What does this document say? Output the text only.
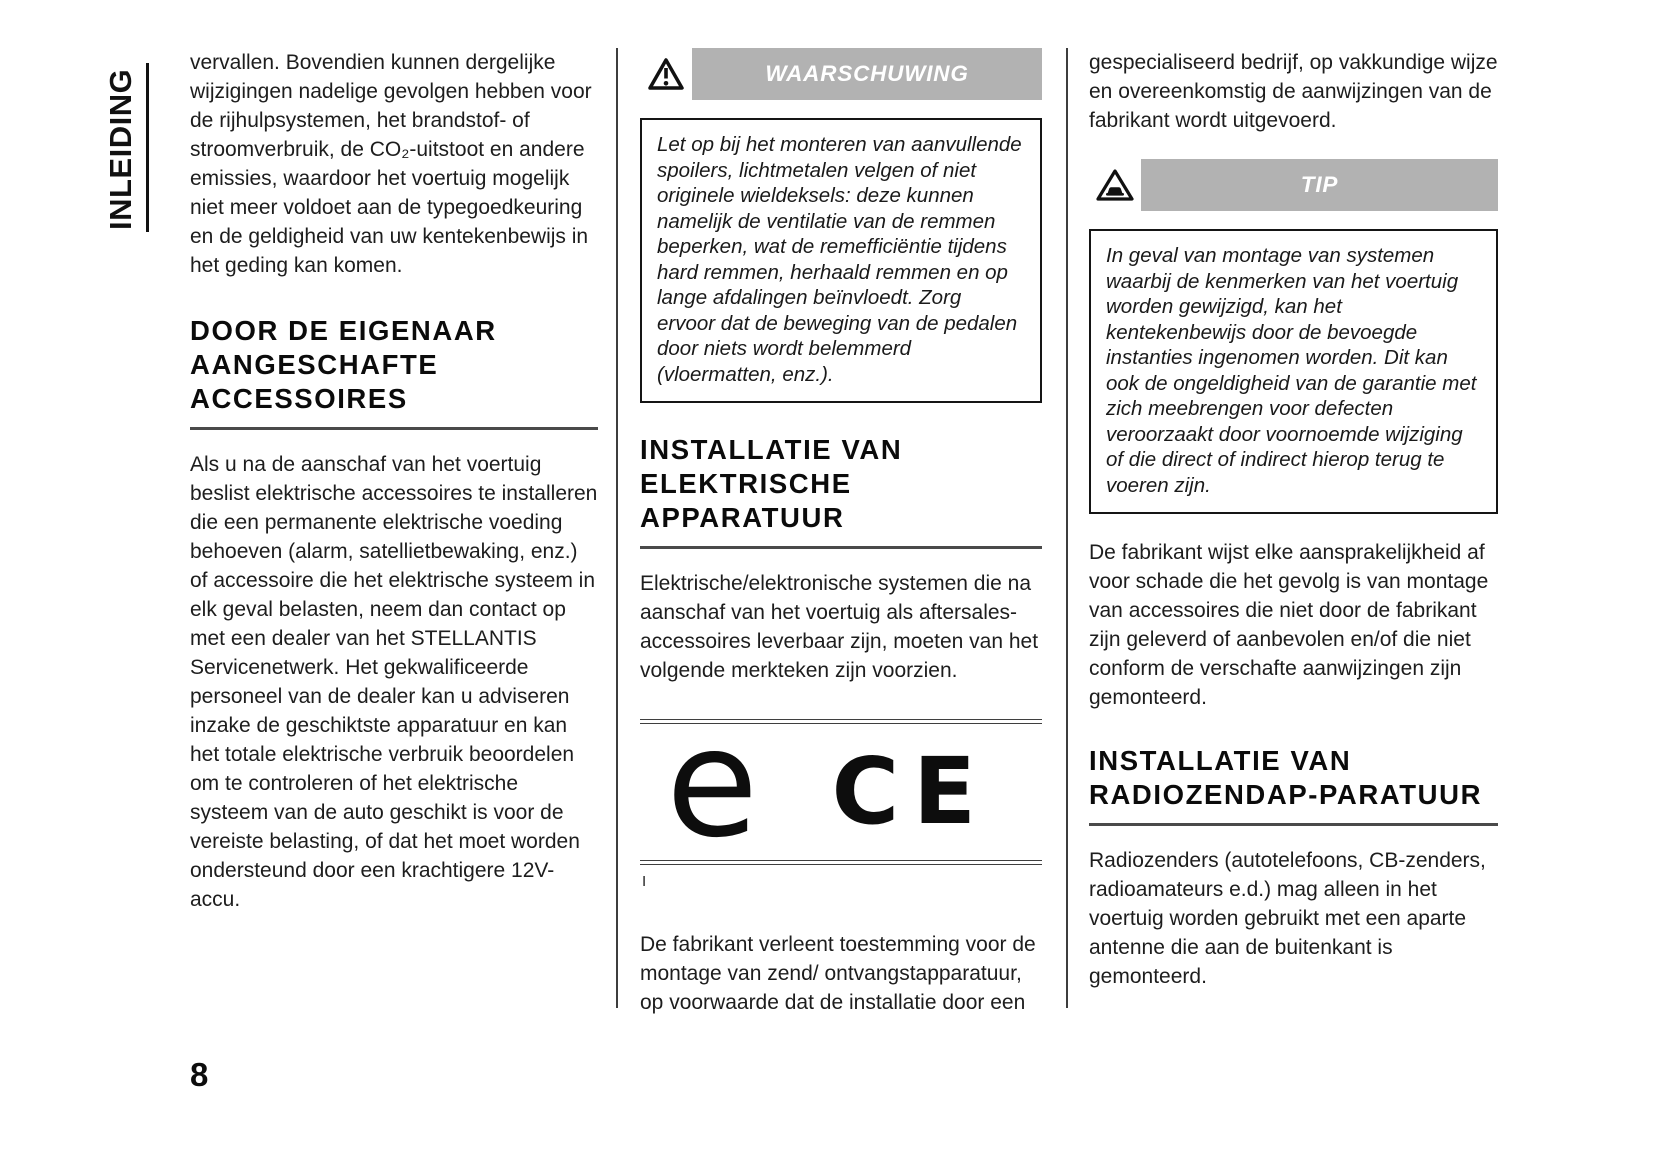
INLEIDING
8

vervallen. Bovendien kunnen dergelijke wijzigingen nadelige gevolgen hebben voor de rijhulpsystemen, het brandstof- of stroomverbruik, de CO₂-uitstoot en andere emissies, waardoor het voertuig mogelijk niet meer voldoet aan de typegoedkeuring en de geldigheid van uw kentekenbewijs in het geding kan komen.

DOOR DE EIGENAAR AANGESCHAFTE ACCESSOIRES

Als u na de aanschaf van het voertuig beslist elektrische accessoires te installeren die een permanente elektrische voeding behoeven (alarm, satellietbewaking, enz.) of accessoire die het elektrische systeem in elk geval belasten, neem dan contact op met een dealer van het STELLANTIS Servicenetwerk. Het gekwalificeerde personeel van de dealer kan u adviseren inzake de geschiktste apparatuur en kan het totale elektrische verbruik beoordelen om te controleren of het elektrische systeem van de auto geschikt is voor de vereiste belasting, of dat het moet worden ondersteund door een krachtigere 12V-accu.

WAARSCHUWING
Let op bij het monteren van aanvullende spoilers, lichtmetalen velgen of niet originele wieldeksels: deze kunnen namelijk de ventilatie van de remmen beperken, wat de remefficiëntie tijdens hard remmen, herhaald remmen en op lange afdalingen beïnvloedt. Zorg ervoor dat de beweging van de pedalen door niets wordt belemmerd (vloermatten, enz.).
INSTALLATIE VAN ELEKTRISCHE APPARATUUR

Elektrische/elektronische systemen die na aanschaf van het voertuig als aftersales-accessoires leverbaar zijn, moeten van het volgende merkteken zijn voorzien.

e CE
I

De fabrikant verleent toestemming voor de montage van zend/ ontvangstapparatuur, op voorwaarde dat de installatie door een

gespecialiseerd bedrijf, op vakkundige wijze en overeenkomstig de aanwijzingen van de fabrikant wordt uitgevoerd.

TIP
In geval van montage van systemen waarbij de kenmerken van het voertuig worden gewijzigd, kan het kentekenbewijs door de bevoegde instanties ingenomen worden. Dit kan ook de ongeldigheid van de garantie met zich meebrengen voor defecten veroorzaakt door voornoemde wijziging of die direct of indirect hierop terug te voeren zijn.

De fabrikant wijst elke aansprakelijkheid af voor schade die het gevolg is van montage van accessoires die niet door de fabrikant zijn geleverd of aanbevolen en/of die niet conform de verschafte aanwijzingen zijn gemonteerd.

INSTALLATIE VAN RADIOZENDAP-PARATUUR

Radiozenders (autotelefoons, CB-zenders, radioamateurs e.d.) mag alleen in het voertuig worden gebruikt met een aparte antenne die aan de buitenkant is gemonteerd.
